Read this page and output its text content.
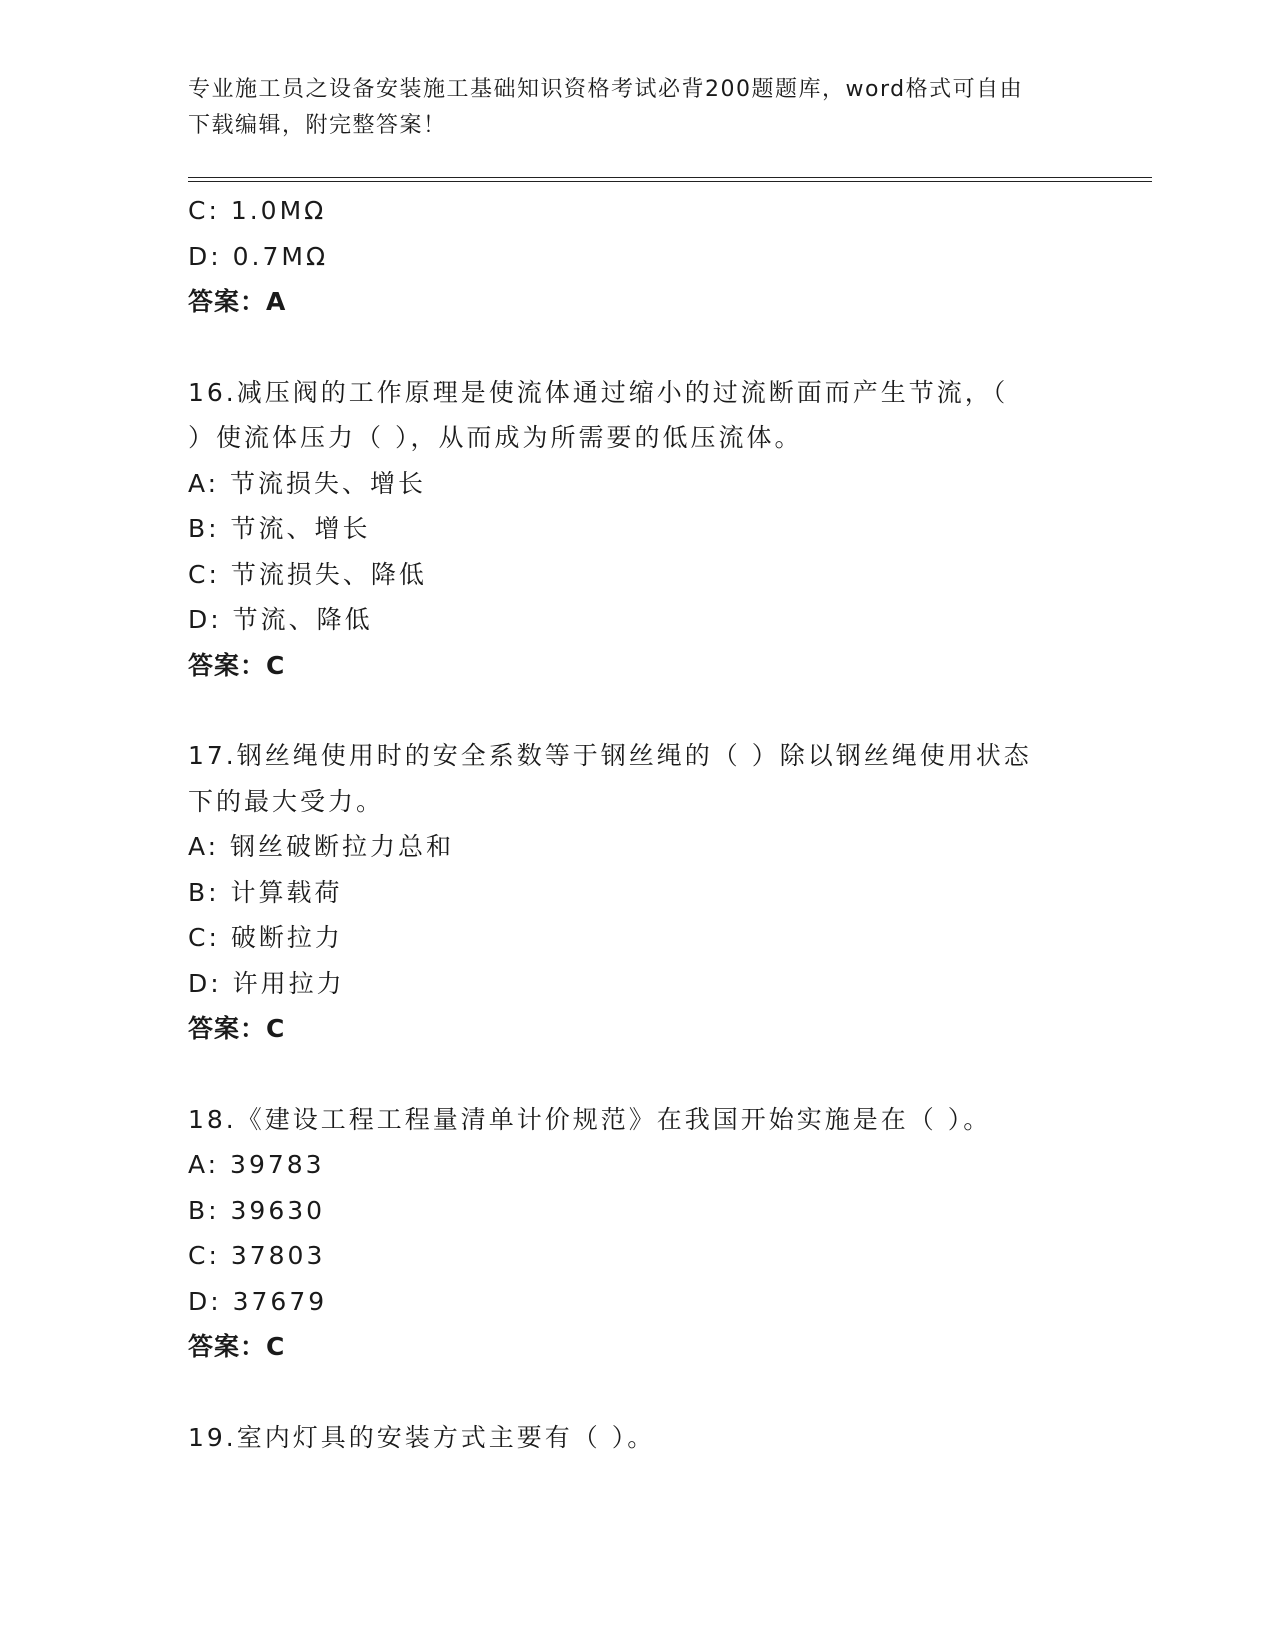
专业施工员之设备安装施工基础知识资格考试必背200题题库，word格式可自由
下载编辑，附完整答案！
C: 1.0MΩ
D: 0.7MΩ
答案：A
16.减压阀的工作原理是使流体通过缩小的过流断面而产生节流，（
）使流体压力（ ），从而成为所需要的低压流体。
A: 节流损失、增长
B: 节流、增长
C: 节流损失、降低
D: 节流、降低
答案：C
17.钢丝绳使用时的安全系数等于钢丝绳的（ ）除以钢丝绳使用状态
下的最大受力。
A: 钢丝破断拉力总和
B: 计算载荷
C: 破断拉力
D: 许用拉力
答案：C
18.《建设工程工程量清单计价规范》在我国开始实施是在（ ）。
A: 39783
B: 39630
C: 37803
D: 37679
答案：C
19.室内灯具的安装方式主要有（ ）。
